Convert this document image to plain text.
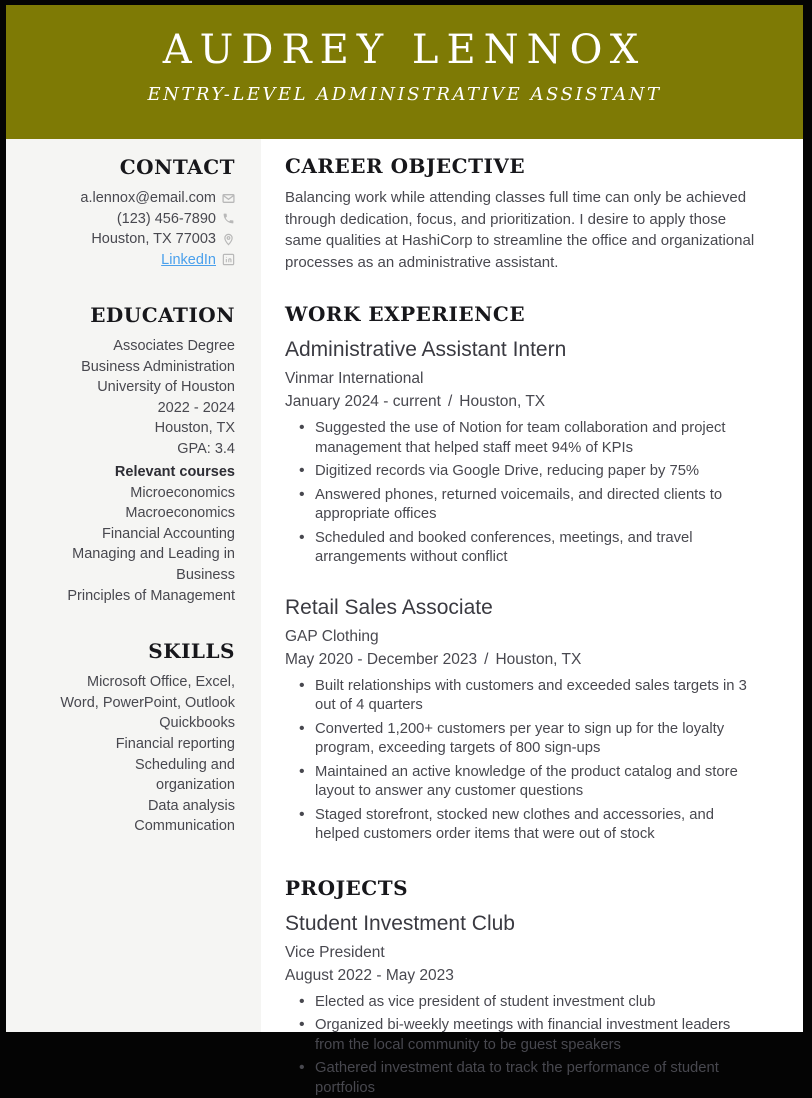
AUDREY LENNOX
ENTRY-LEVEL ADMINISTRATIVE ASSISTANT
CONTACT
a.lennox@email.com
(123) 456-7890
Houston, TX 77003
LinkedIn
EDUCATION
Associates Degree
Business Administration
University of Houston
2022 - 2024
Houston, TX
GPA: 3.4
Relevant courses
Microeconomics
Macroeconomics
Financial Accounting
Managing and Leading in Business
Principles of Management
SKILLS
Microsoft Office, Excel, Word, PowerPoint, Outlook
Quickbooks
Financial reporting
Scheduling and organization
Data analysis
Communication
CAREER OBJECTIVE
Balancing work while attending classes full time can only be achieved through dedication, focus, and prioritization. I desire to apply those same qualities at HashiCorp to streamline the office and organizational processes as an administrative assistant.
WORK EXPERIENCE
Administrative Assistant Intern
Vinmar International
January 2024 - current / Houston, TX
• Suggested the use of Notion for team collaboration and project management that helped staff meet 94% of KPIs
• Digitized records via Google Drive, reducing paper by 75%
• Answered phones, returned voicemails, and directed clients to appropriate offices
• Scheduled and booked conferences, meetings, and travel arrangements without conflict
Retail Sales Associate
GAP Clothing
May 2020 - December 2023 / Houston, TX
• Built relationships with customers and exceeded sales targets in 3 out of 4 quarters
• Converted 1,200+ customers per year to sign up for the loyalty program, exceeding targets of 800 sign-ups
• Maintained an active knowledge of the product catalog and store layout to answer any customer questions
• Staged storefront, stocked new clothes and accessories, and helped customers order items that were out of stock
PROJECTS
Student Investment Club
Vice President
August 2022 - May 2023
• Elected as vice president of student investment club
• Organized bi-weekly meetings with financial investment leaders from the local community to be guest speakers
• Gathered investment data to track the performance of student portfolios
